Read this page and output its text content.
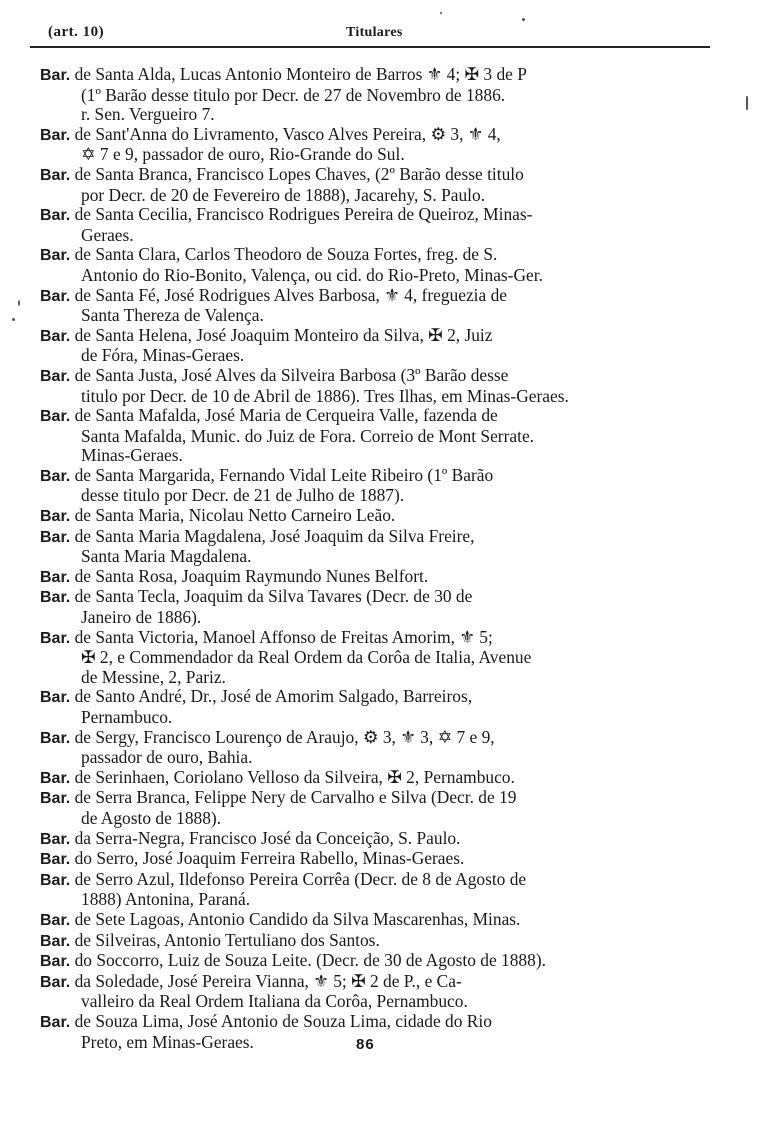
(art. 10)	Titulares
Bar. de Santa Alda, Lucas Antonio Monteiro de Barros ⚜ 4; ✠ 3 de P
(1º Barão desse titulo por Decr. de 27 de Novembro de 1886.
r. Sen. Vergueiro 7.
Bar. de Sant'Anna do Livramento, Vasco Alves Pereira, ⚙ 3, ⚜ 4,
✡ 7 e 9, passador de ouro, Rio-Grande do Sul.
Bar. de Santa Branca, Francisco Lopes Chaves, (2º Barão desse titulo
por Decr. de 20 de Fevereiro de 1888), Jacarehy, S. Paulo.
Bar. de Santa Cecilia, Francisco Rodrigues Pereira de Queiroz, Minas-
Geraes.
Bar. de Santa Clara, Carlos Theodoro de Souza Fortes, freg. de S.
Antonio do Rio-Bonito, Valença, ou cid. do Rio-Preto, Minas-Ger.
Bar. de Santa Fé, José Rodrigues Alves Barbosa, ⚜ 4, freguezia de
Santa Thereza de Valença.
Bar. de Santa Helena, José Joaquim Monteiro da Silva, ✠ 2, Juiz
de Fóra, Minas-Geraes.
Bar. de Santa Justa, José Alves da Silveira Barbosa (3º Barão desse
titulo por Decr. de 10 de Abril de 1886). Tres Ilhas, em Minas-Geraes.
Bar. de Santa Mafalda, José Maria de Cerqueira Valle, fazenda de
Santa Mafalda, Munic. do Juiz de Fora. Correio de Mont Serrate.
Minas-Geraes.
Bar. de Santa Margarida, Fernando Vidal Leite Ribeiro (1º Barão
desse titulo por Decr. de 21 de Julho de 1887).
Bar. de Santa Maria, Nicolau Netto Carneiro Leão.
Bar. de Santa Maria Magdalena, José Joaquim da Silva Freire,
Santa Maria Magdalena.
Bar. de Santa Rosa, Joaquim Raymundo Nunes Belfort.
Bar. de Santa Tecla, Joaquim da Silva Tavares (Decr. de 30 de
Janeiro de 1886).
Bar. de Santa Victoria, Manoel Affonso de Freitas Amorim, ⚜ 5;
✠ 2, e Commendador da Real Ordem da Corôa de Italia, Avenue
de Messine, 2, Pariz.
Bar. de Santo André, Dr., José de Amorim Salgado, Barreiros,
Pernambuco.
Bar. de Sergy, Francisco Lourenço de Araujo, ⚙ 3, ⚜ 3, ✡ 7 e 9,
passador de ouro, Bahia.
Bar. de Serinhaen, Coriolano Velloso da Silveira, ✠ 2, Pernambuco.
Bar. de Serra Branca, Felippe Nery de Carvalho e Silva (Decr. de 19
de Agosto de 1888).
Bar. da Serra-Negra, Francisco José da Conceição, S. Paulo.
Bar. do Serro, José Joaquim Ferreira Rabello, Minas-Geraes.
Bar. de Serro Azul, Ildefonso Pereira Corrêa (Decr. de 8 de Agosto de
1888) Antonina, Paraná.
Bar. de Sete Lagoas, Antonio Candido da Silva Mascarenhas, Minas.
Bar. de Silveiras, Antonio Tertuliano dos Santos.
Bar. do Soccorro, Luiz de Souza Leite. (Decr. de 30 de Agosto de 1888).
Bar. da Soledade, José Pereira Vianna, ⚜ 5; ✠ 2 de P., e Ca-
valleiro da Real Ordem Italiana da Corôa, Pernambuco.
Bar. de Souza Lima, José Antonio de Souza Lima, cidade do Rio
Preto, em Minas-Geraes.	86
